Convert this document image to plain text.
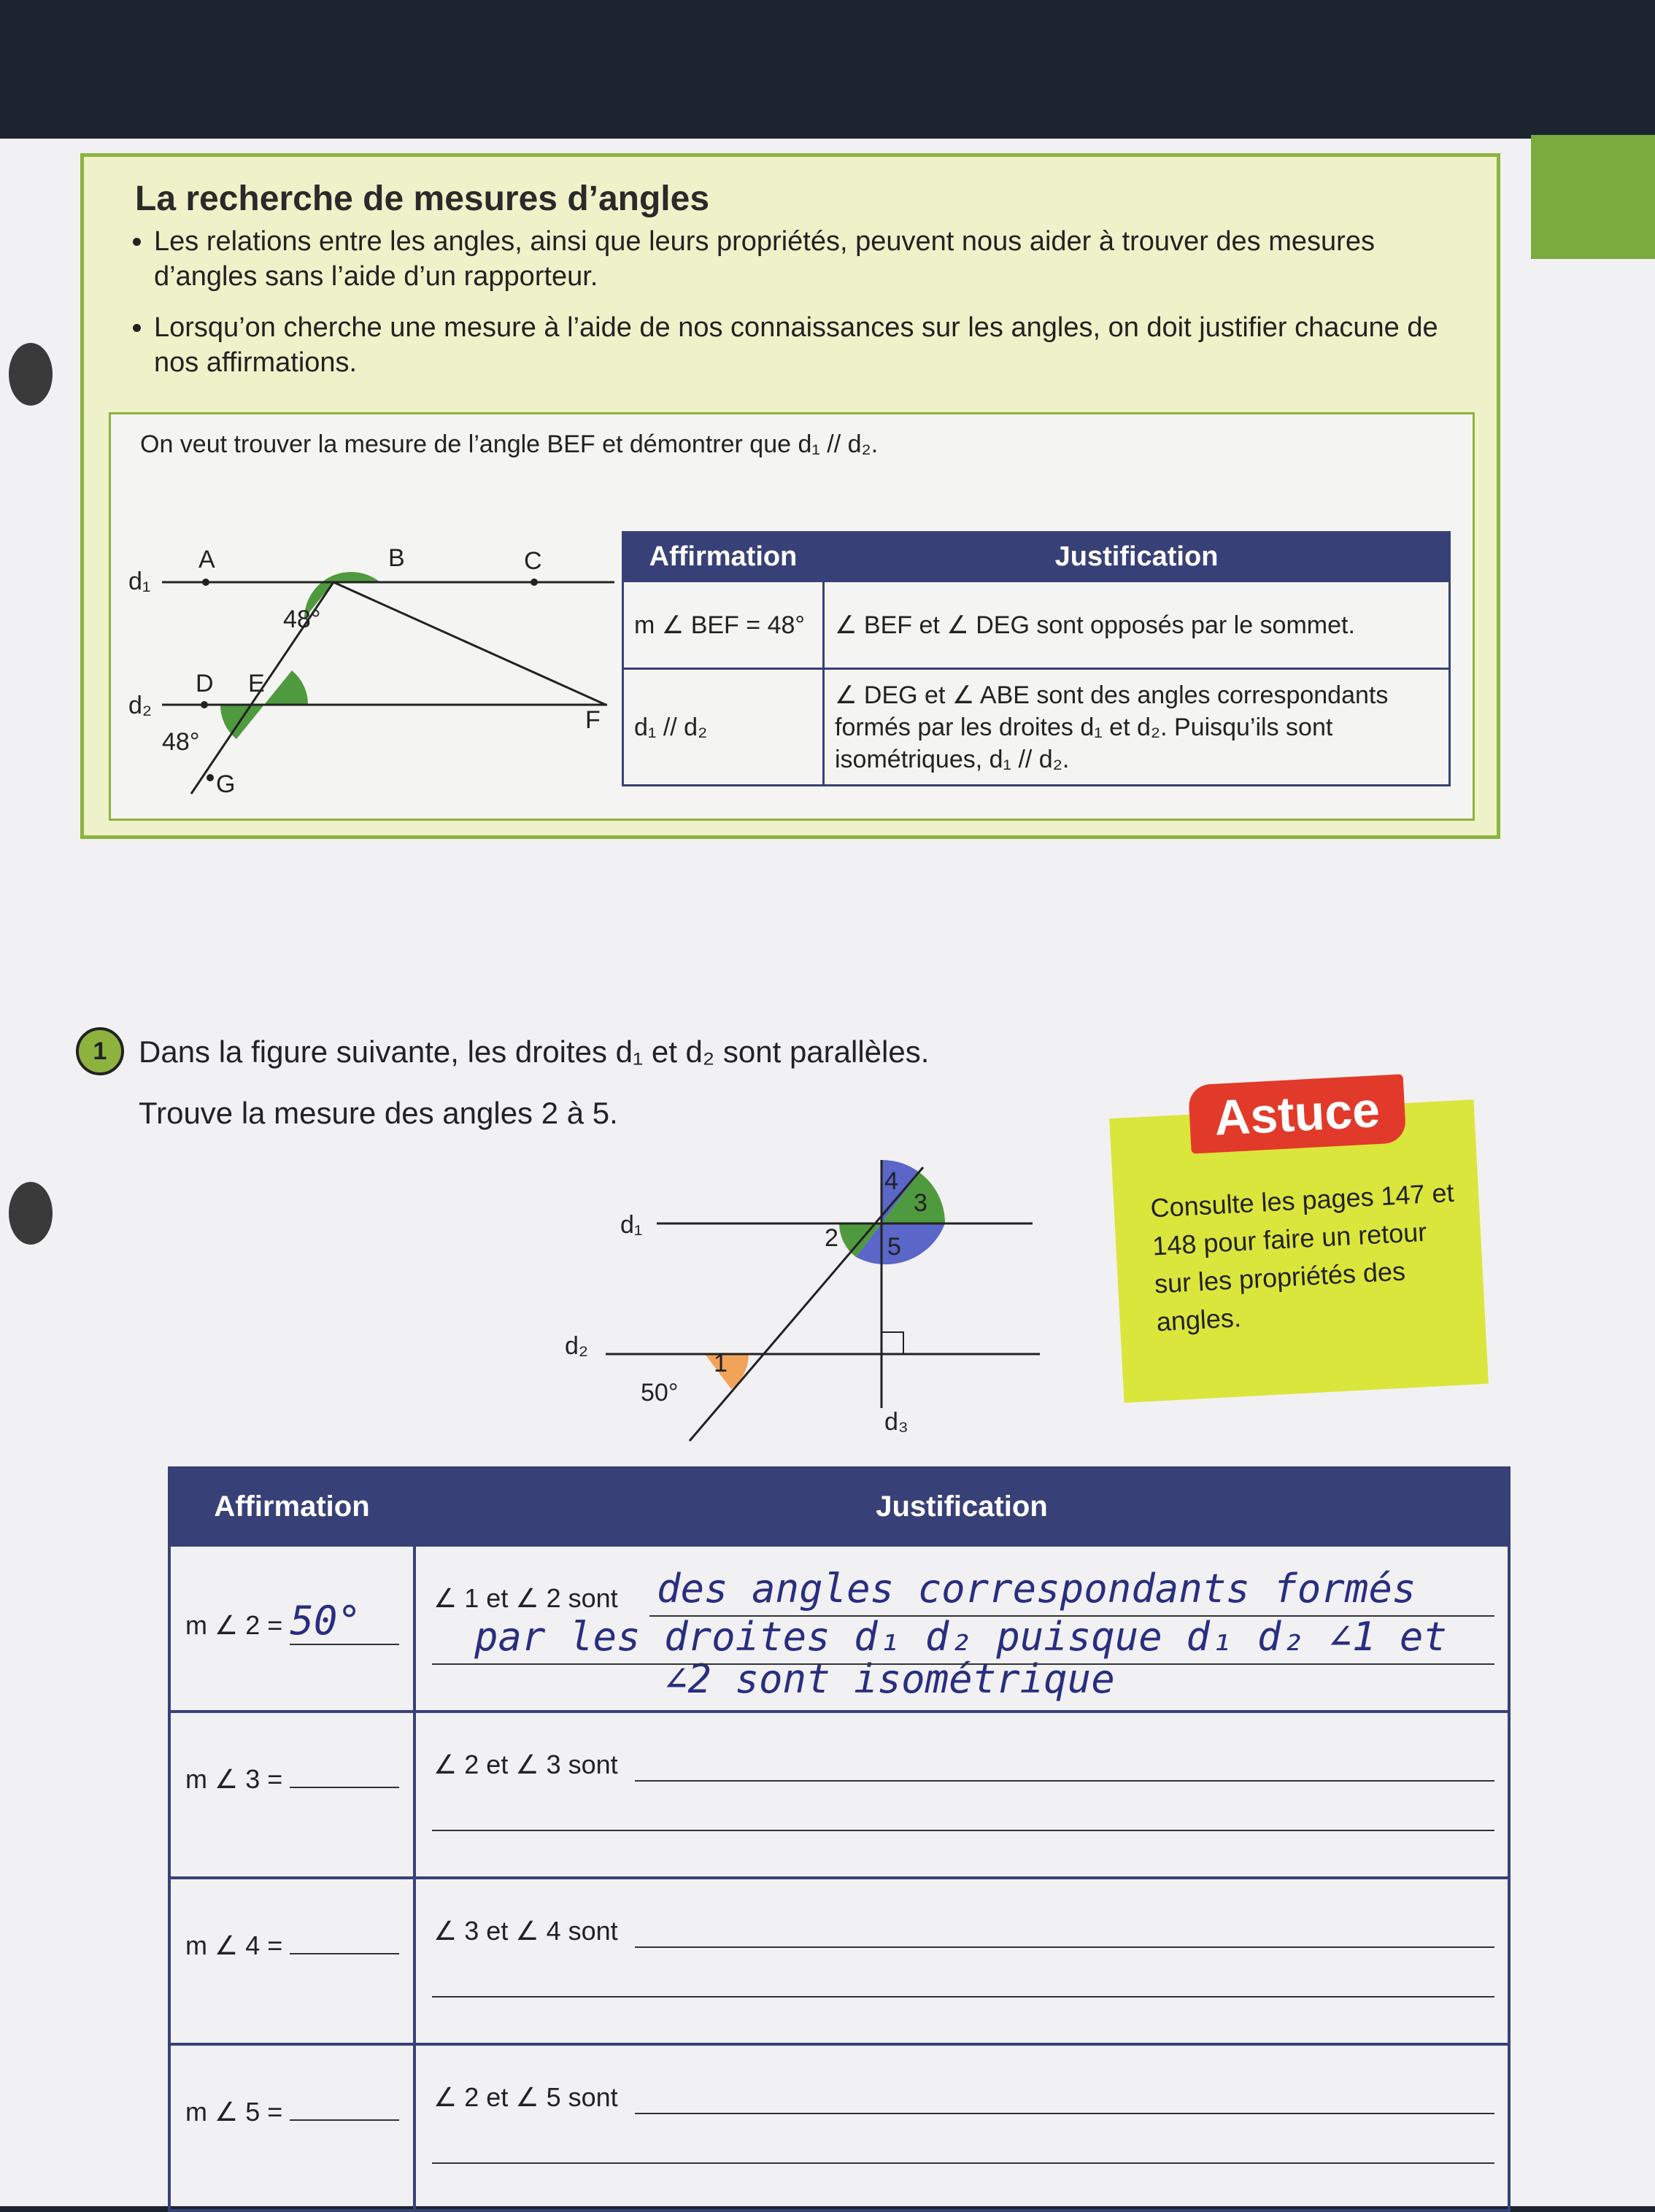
La recherche de mesures d’angles
• Les relations entre les angles, ainsi que leurs propriétés, peuvent nous aider à trouver des mesures d’angles sans l’aide d’un rapporteur.
• Lorsqu’on cherche une mesure à l’aide de nos connaissances sur les angles, on doit justifier chacune de nos affirmations.
On veut trouver la mesure de l’angle BEF et démontrer que d₁ // d₂.
d₁
A	B	C
48°
d₂
D E
F
48°
G
Affirmation	Justification
m ∠ BEF = 48°	∠ BEF et ∠ DEG sont opposés par le sommet.
d₁ // d₂	∠ DEG et ∠ ABE sont des angles correspondants formés par les droites d₁ et d₂. Puisqu’ils sont isométriques, d₁ // d₂.
1	Dans la figure suivante, les droites d₁ et d₂ sont parallèles.
Trouve la mesure des angles 2 à 5.
d₁
d₂
d₃
50°
1
2
3
4
5
Astuce
Consulte les pages 147 et 148 pour faire un retour sur les propriétés des angles.
Affirmation	Justification

m ∠ 2 = 50°	∠ 1 et ∠ 2 sont des angles correspondants formés
par les droites d₁ d₂ puisque d₁ d₂ ∠1 et
∠2 sont isométrique

m ∠ 3 =	∠ 2 et ∠ 3 sont

m ∠ 4 =	∠ 3 et ∠ 4 sont

m ∠ 5 =	∠ 2 et ∠ 5 sont
